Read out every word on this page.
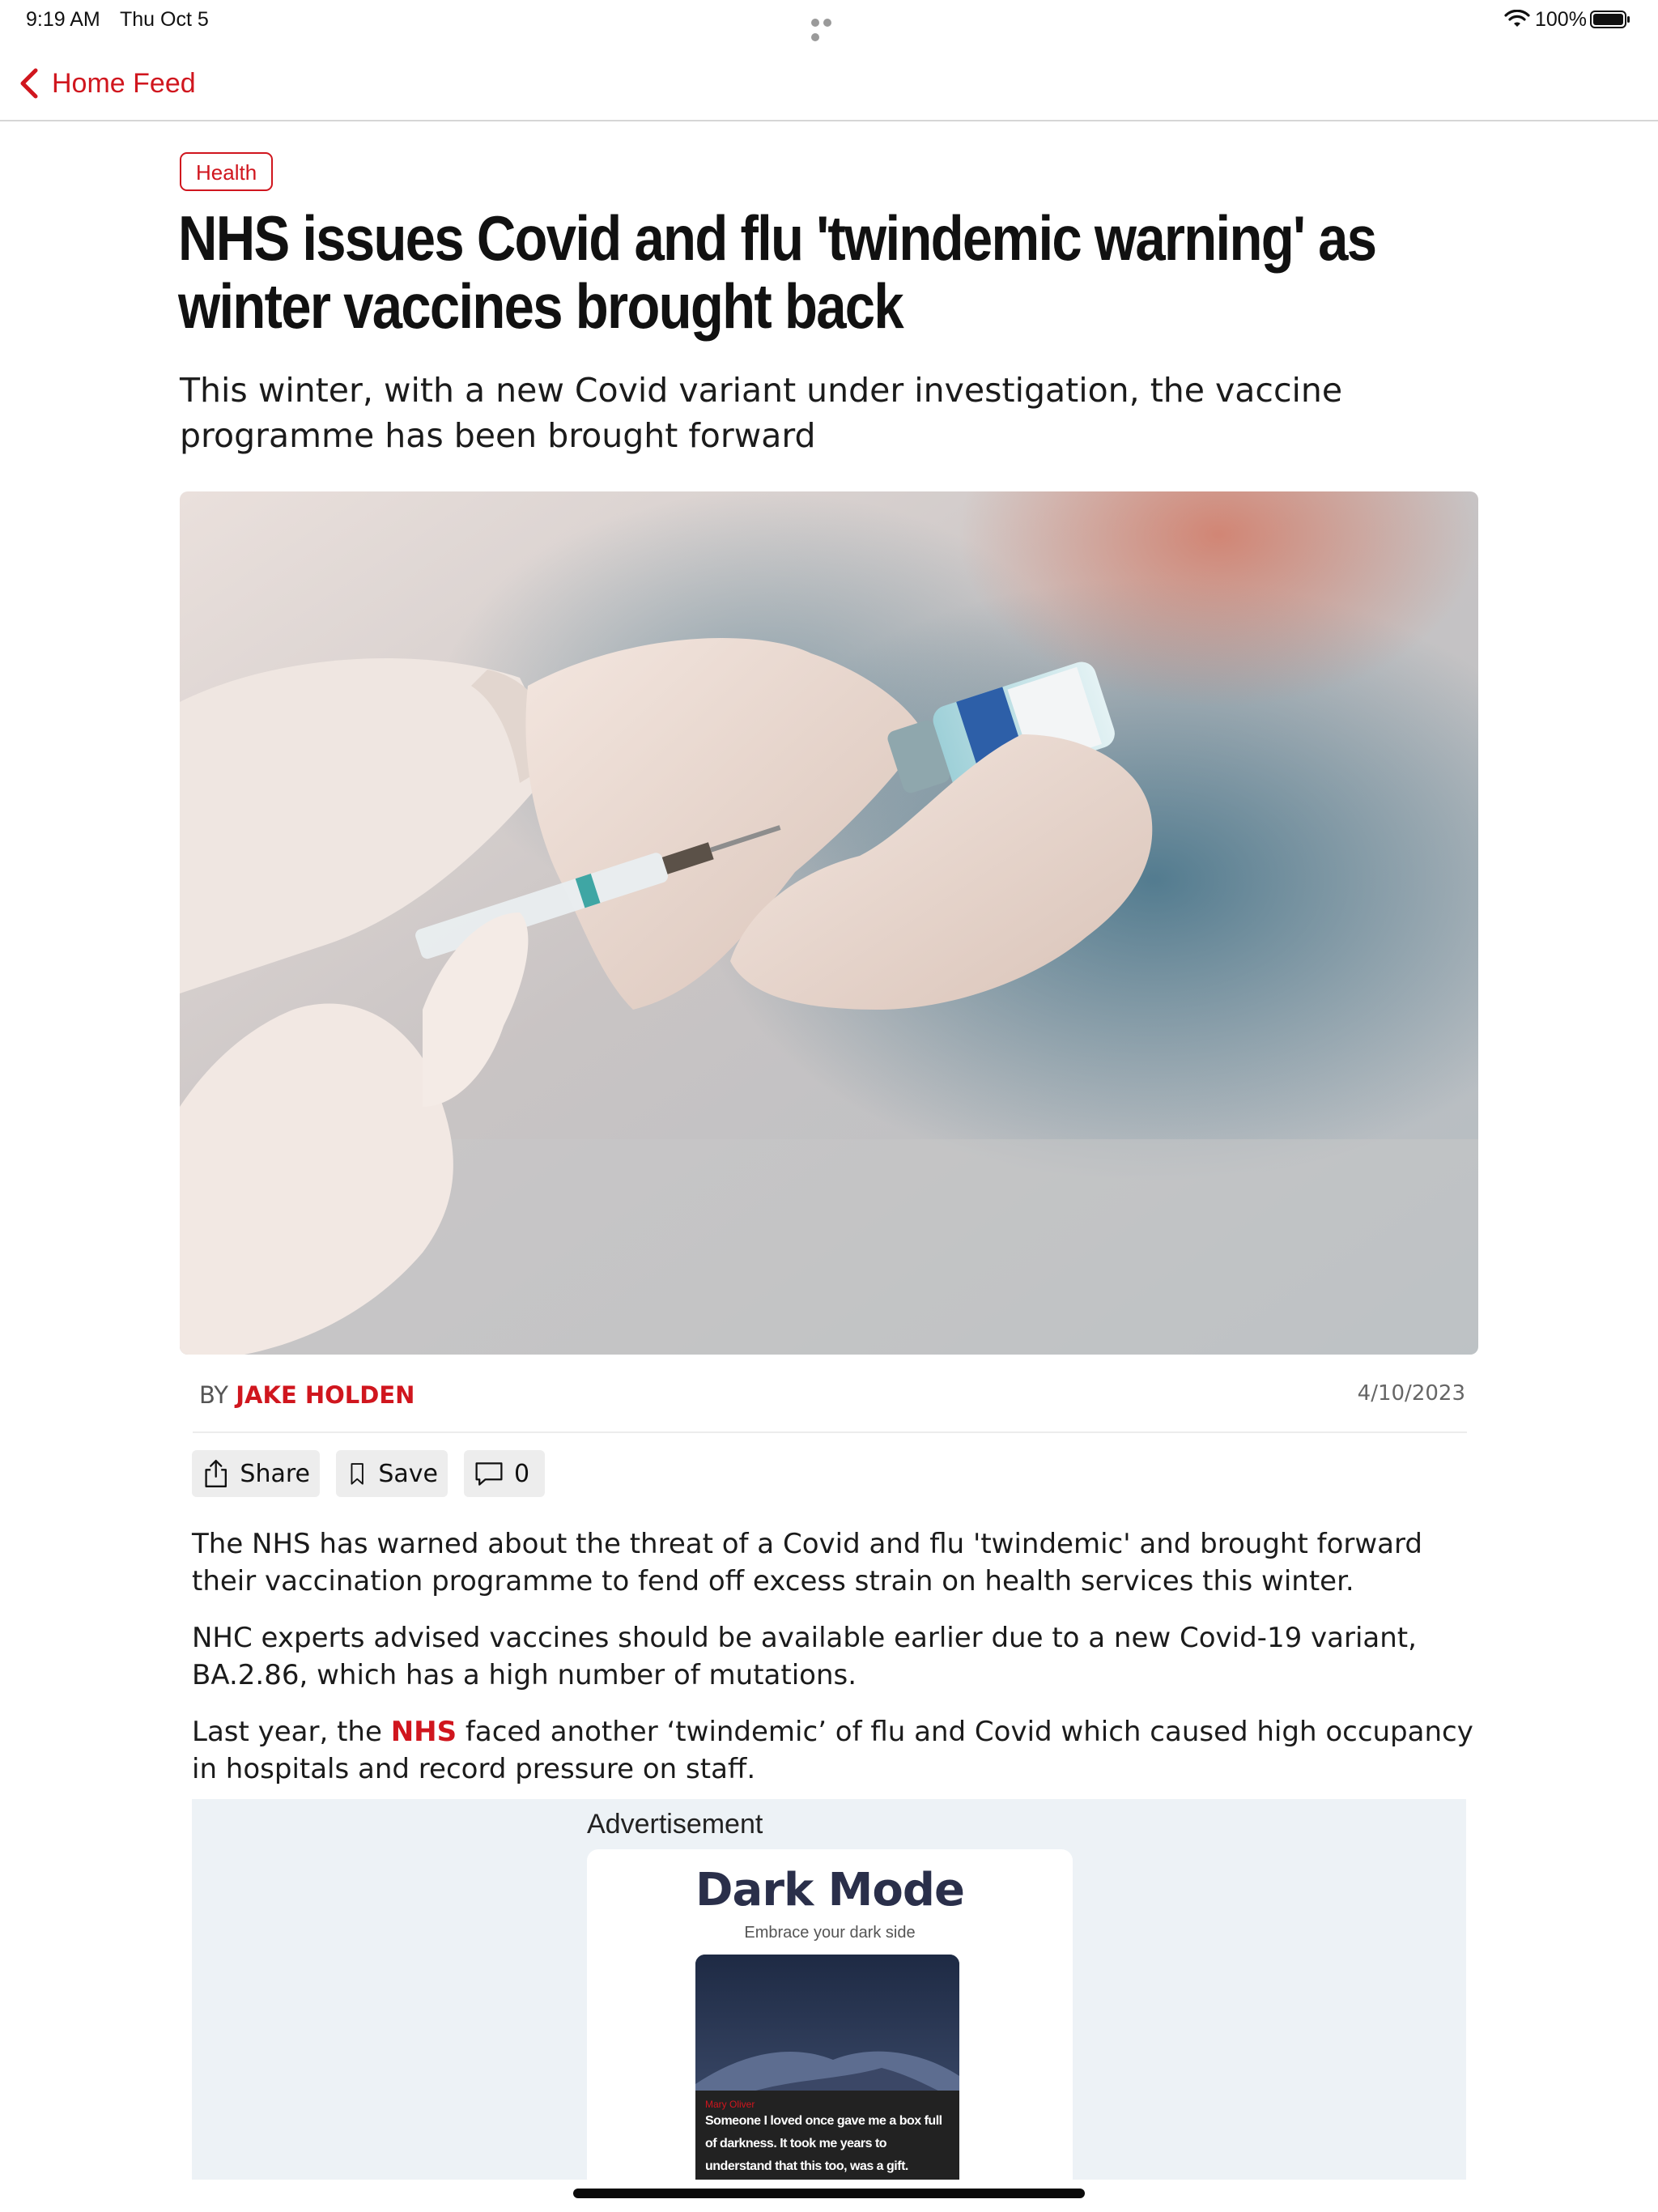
9:19 AM Thu Oct 5	100%
Home Feed
Health
NHS issues Covid and flu 'twindemic warning' as winter vaccines brought back
This winter, with a new Covid variant under investigation, the vaccine programme has been brought forward
BY JAKE HOLDEN	4/10/2023
Share	Save	0
The NHS has warned about the threat of a Covid and flu 'twindemic' and brought forward their vaccination programme to fend off excess strain on health services this winter.
NHC experts advised vaccines should be available earlier due to a new Covid-19 variant, BA.2.86, which has a high number of mutations.
Last year, the NHS faced another ‘twindemic’ of flu and Covid which caused high occupancy in hospitals and record pressure on staff.
Advertisement
Dark Mode
Embrace your dark side
Mary Oliver
Someone I loved once gave me a box full of darkness. It took me years to understand that this too, was a gift.
